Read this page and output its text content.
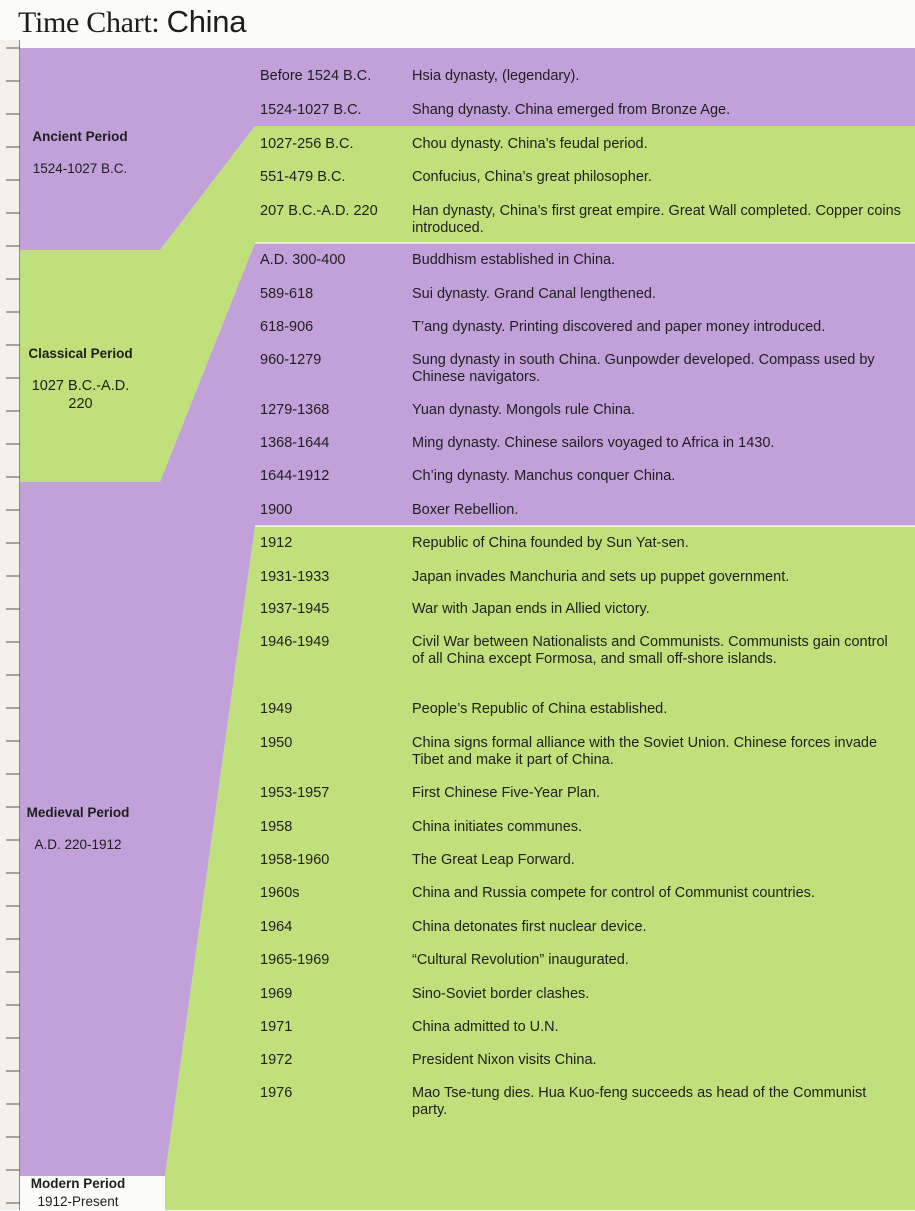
Time Chart: China
Ancient Period
1524-1027 B.C.
Classical Period
1027 B.C.-A.D. 220
Medieval Period
A.D. 220-1912
Modern Period
1912-Present
Before 1524 B.C.	Hsia dynasty, (legendary).
1524-1027 B.C.	Shang dynasty. China emerged from Bronze Age.
1027-256 B.C.	Chou dynasty. China’s feudal period.
551-479 B.C.	Confucius, China’s great philosopher.
207 B.C.-A.D. 220 Han dynasty, China’s first great empire. Great Wall completed. Copper coins introduced.
A.D. 300-400	Buddhism established in China.
589-618	Sui dynasty. Grand Canal lengthened.
618-906	T’ang dynasty. Printing discovered and paper money introduced.
960-1279	Sung dynasty in south China. Gunpowder developed. Compass used by Chinese navigators.
1279-1368	Yuan dynasty. Mongols rule China.
1368-1644	Ming dynasty. Chinese sailors voyaged to Africa in 1430.
1644-1912	Ch’ing dynasty. Manchus conquer China.
1900	Boxer Rebellion.
1912	Republic of China founded by Sun Yat-sen.
1931-1933	Japan invades Manchuria and sets up puppet government.
1937-1945	War with Japan ends in Allied victory.
1946-1949	Civil War between Nationalists and Communists. Communists gain control of all China except Formosa, and small off-shore islands.
1949	People’s Republic of China established.
1950	China signs formal alliance with the Soviet Union. Chinese forces invade Tibet and make it part of China.
1953-1957	First Chinese Five-Year Plan.
1958	China initiates communes.
1958-1960	The Great Leap Forward.
1960s	China and Russia compete for control of Communist countries.
1964	China detonates first nuclear device.
1965-1969	“Cultural Revolution” inaugurated.
1969	Sino-Soviet border clashes.
1971	China admitted to U.N.
1972	President Nixon visits China.
1976	Mao Tse-tung dies. Hua Kuo-feng succeeds as head of the Communist party.
